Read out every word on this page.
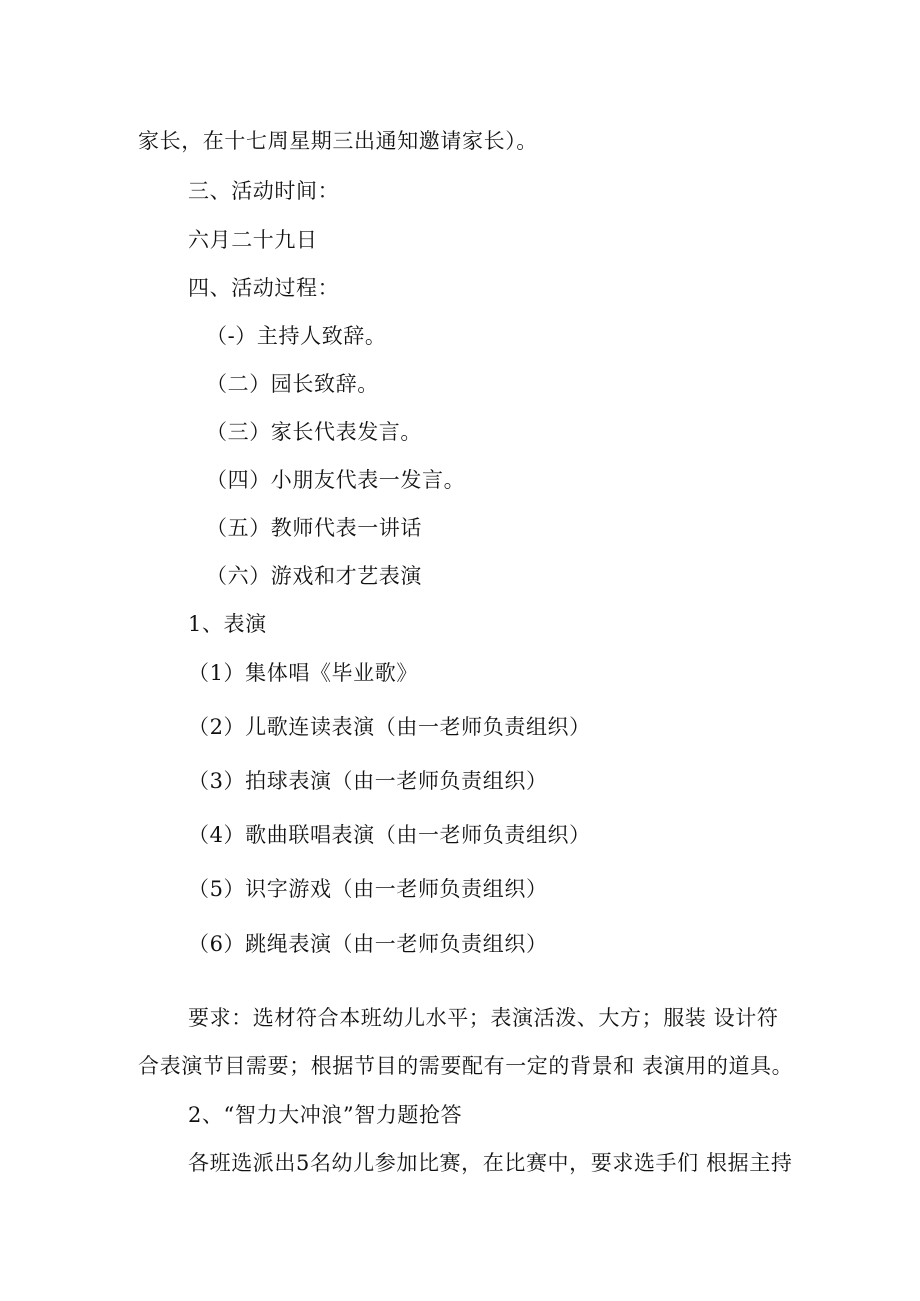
家长，在十七周星期三出通知邀请家长）。

三、活动时间：

六月二十九日

四、活动过程：

（-）主持人致辞。

（二）园长致辞。

（三）家长代表发言。

（四）小朋友代表一发言。

（五）教师代表一讲话

（六）游戏和才艺表演

1、表演

（1）集体唱《毕业歌》

（2）儿歌连读表演（由一老师负责组织）

（3）拍球表演（由一老师负责组织）

（4）歌曲联唱表演（由一老师负责组织）

（5）识字游戏（由一老师负责组织）

（6）跳绳表演（由一老师负责组织）

要求：选材符合本班幼儿水平；表演活泼、大方；服装 设计符

合表演节目需要；根据节目的需要配有一定的背景和 表演用的道具。

2、“智力大冲浪”智力题抢答

各班选派出5名幼儿参加比赛，在比赛中，要求选手们 根据主持
